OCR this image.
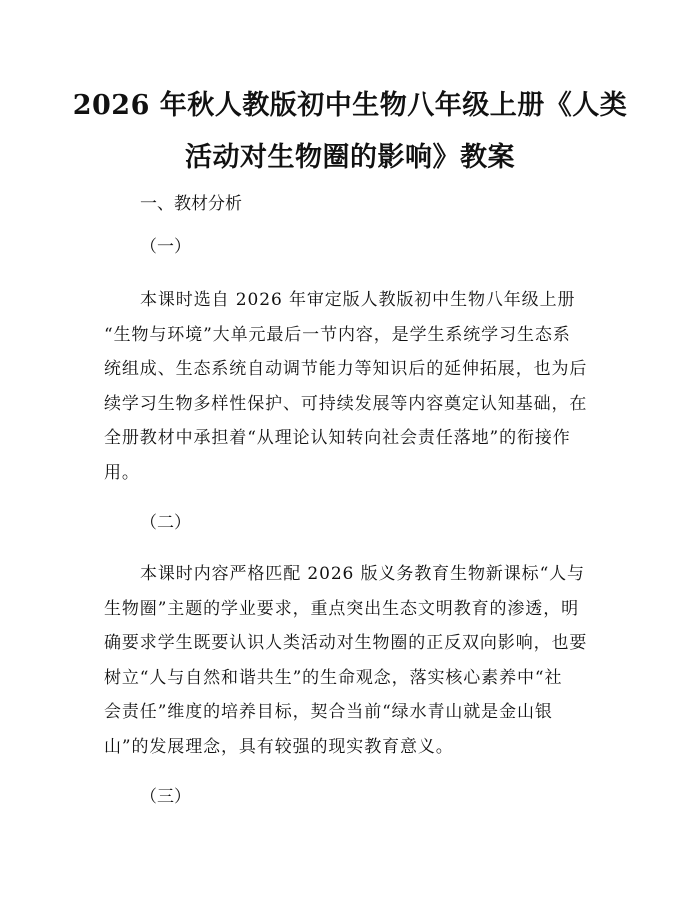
2026 年秋人教版初中生物八年级上册《人类
活动对生物圈的影响》教案

一、教材分析

（一）

本课时选自 2026 年审定版人教版初中生物八年级上册
“生物与环境”大单元最后一节内容，是学生系统学习生态系
统组成、生态系统自动调节能力等知识后的延伸拓展，也为后
续学习生物多样性保护、可持续发展等内容奠定认知基础，在
全册教材中承担着“从理论认知转向社会责任落地”的衔接作
用。

（二）

本课时内容严格匹配 2026 版义务教育生物新课标“人与
生物圈”主题的学业要求，重点突出生态文明教育的渗透，明
确要求学生既要认识人类活动对生物圈的正反双向影响，也要
树立“人与自然和谐共生”的生命观念，落实核心素养中“社
会责任”维度的培养目标，契合当前“绿水青山就是金山银
山”的发展理念，具有较强的现实教育意义。

（三）
